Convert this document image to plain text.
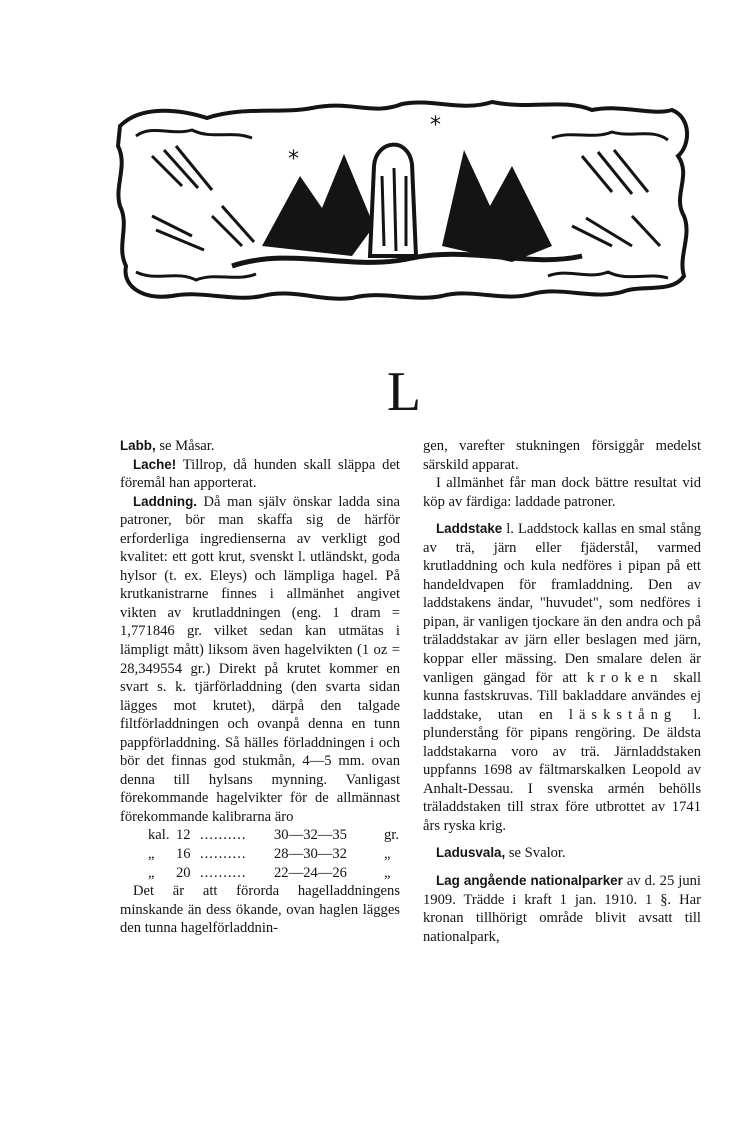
*
*
L

Labb, se Måsar.

Lache! Tillrop, då hunden skall släppa det föremål han apporterat.

Laddning. Då man själv önskar ladda sina patroner, bör man skaffa sig de härför erforderliga ingredienserna av verkligt god kvalitet: ett gott krut, svenskt l. utländskt, goda hylsor (t. ex. Eleys) och lämpliga hagel. På krutkanistrarne finnes i allmänhet angivet vikten av krutladdningen (eng. 1 dram = 1,771846 gr. vilket sedan kan utmätas i lämpligt mått) liksom även hagelvikten (1 oz = 28,349554 gr.) Direkt på krutet kommer en svart s. k. tjärförladdning (den svarta sidan lägges mot krutet), därpå den talgade filtförladdningen och ovanpå denna en tunn pappförladdning. Så hälles förladdningen i och bör det finnas god stukmån, 4—5 mm. ovan denna till hylsans mynning. Vanligast förekommande hagelvikter för de allmännast förekommande kalibrarna äro

kal.	12	..........	30—32—35	gr.
„	16	..........	28—30—32	„
„	20	..........	22—24—26	„

Det är att förorda hagelladdningens minskande än dess ökande, ovan haglen lägges den tunna hagelförladdnin-

gen, varefter stukningen försiggår medelst särskild apparat.

I allmänhet får man dock bättre resultat vid köp av färdiga: laddade patroner.

Laddstake l. Laddstock kallas en smal stång av trä, järn eller fjäderstål, varmed krutladdning och kula nedföres i pipan på ett handeldvapen för framladdning. Den av laddstakens ändar, "huvudet", som nedföres i pipan, är vanligen tjockare än den andra och på träladdstakar av järn eller beslagen med järn, koppar eller mässing. Den smalare delen är vanligen gängad för att kroken skall kunna fastskruvas. Till bakladdare användes ej laddstake, utan en läskstång l. plunderstång för pipans rengöring. De äldsta laddstakarna voro av trä. Järnladdstaken uppfanns 1698 av fältmarskalken Leopold av Anhalt-Dessau. I svenska armén behölls träladdstaken till strax före utbrottet av 1741 års ryska krig.

Ladusvala, se Svalor.

Lag angående nationalparker av d. 25 juni 1909. Trädde i kraft 1 jan. 1910. 1 §. Har kronan tillhörigt område blivit avsatt till nationalpark,
